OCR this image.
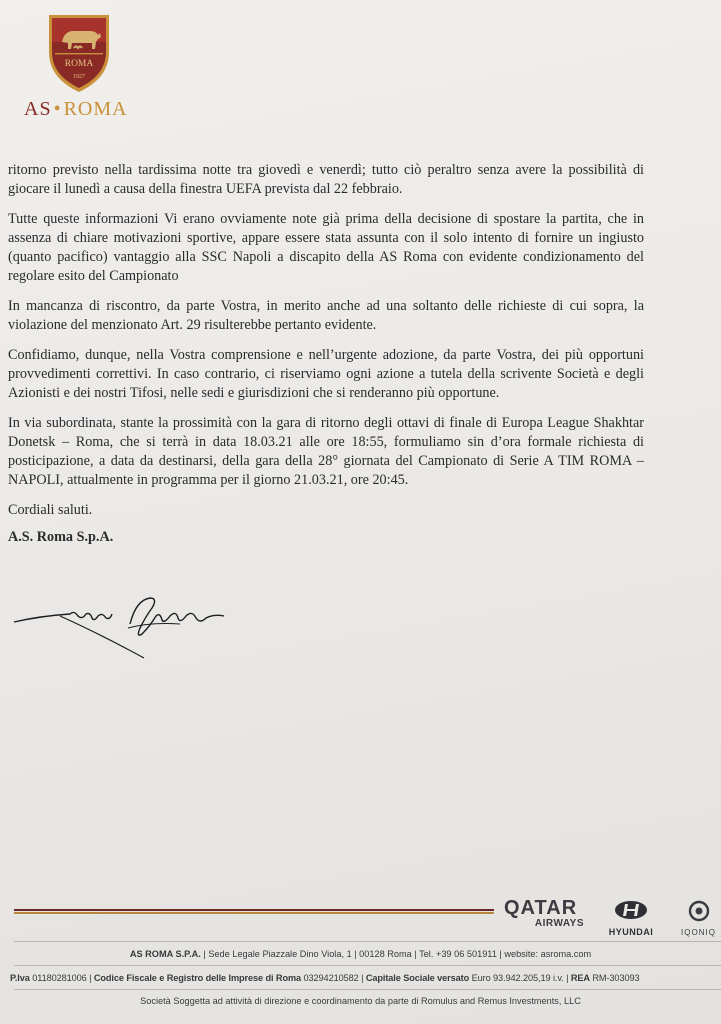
ROMA
1927
AS • ROMA

ritorno previsto nella tardissima notte tra giovedì e venerdì; tutto ciò peraltro senza avere la possibilità di giocare il lunedì a causa della finestra UEFA prevista dal 22 febbraio.

Tutte queste informazioni Vi erano ovviamente note già prima della decisione di spostare la partita, che in assenza di chiare motivazioni sportive, appare essere stata assunta con il solo intento di fornire un ingiusto (quanto pacifico) vantaggio alla SSC Napoli a discapito della AS Roma con evidente condizionamento del regolare esito del Campionato

In mancanza di riscontro, da parte Vostra, in merito anche ad una soltanto delle richieste di cui sopra, la violazione del menzionato Art. 29 risulterebbe pertanto evidente.

Confidiamo, dunque, nella Vostra comprensione e nell’urgente adozione, da parte Vostra, dei più opportuni provvedimenti correttivi. In caso contrario, ci riserviamo ogni azione a tutela della scrivente Società e degli Azionisti e dei nostri Tifosi, nelle sedi e giurisdizioni che si renderanno più opportune.

In via subordinata, stante la prossimità con la gara di ritorno degli ottavi di finale di Europa League Shakhtar Donetsk – Roma, che si terrà in data 18.03.21 alle ore 18:55, formuliamo sin d’ora formale richiesta di posticipazione, a data da destinarsi, della gara della 28° giornata del Campionato di Serie A TIM ROMA – NAPOLI, attualmente in programma per il giorno 21.03.21, ore 20:45.

Cordiali saluti.
A.S. Roma S.p.A.
QATAR
AIRWAYS
HYUNDAI	IQONIQ
AS ROMA S.P.A. | Sede Legale Piazzale Dino Viola, 1 | 00128 Roma | Tel. +39 06 501911 | website: asroma.com
P.Iva 01180281006 | Codice Fiscale e Registro delle Imprese di Roma 03294210582 | Capitale Sociale versato Euro 93.942.205,19 i.v. | REA RM-303093
Società Soggetta ad attività di direzione e coordinamento da parte di Romulus and Remus Investments, LLC
